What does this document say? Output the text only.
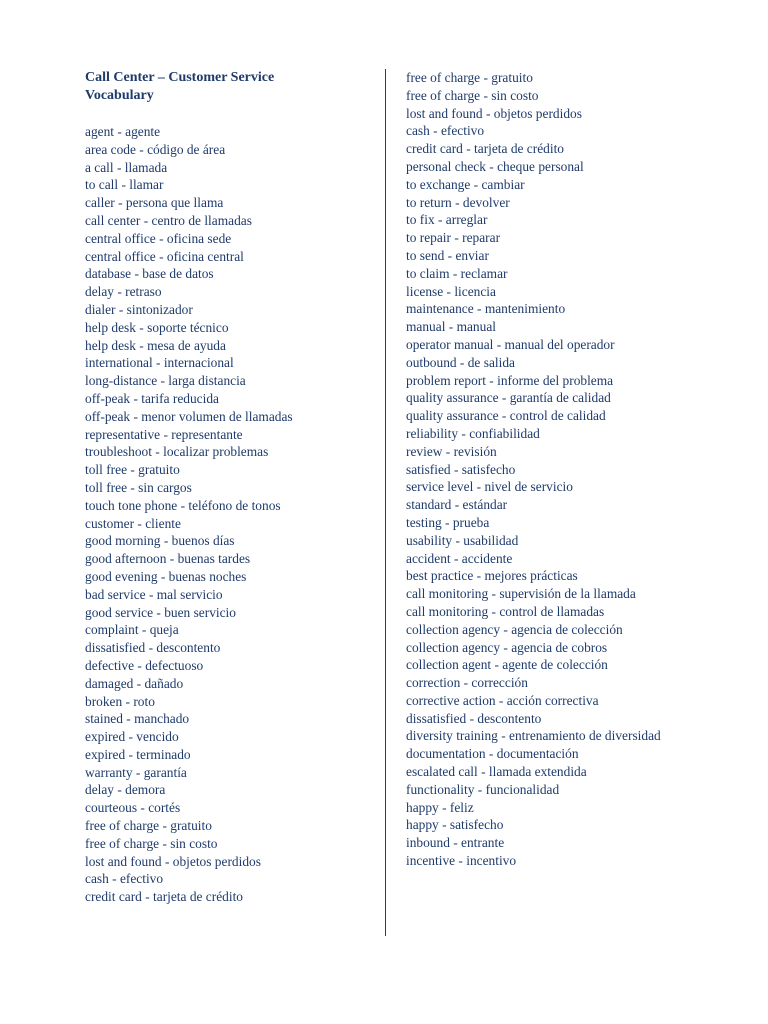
Call Center – Customer Service
Vocabulary
agent - agente
area code - código de área
a call - llamada
to call - llamar
caller - persona que llama
call center - centro de llamadas
central office - oficina sede
central office - oficina central
database - base de datos
delay - retraso
dialer - sintonizador
help desk - soporte técnico
help desk - mesa de ayuda
international - internacional
long-distance - larga distancia
off-peak - tarifa reducida
off-peak - menor volumen de llamadas
representative - representante
troubleshoot - localizar problemas
toll free - gratuito
toll free - sin cargos
touch tone phone - teléfono de tonos
customer - cliente
good morning - buenos días
good afternoon - buenas tardes
good evening - buenas noches
bad service - mal servicio
good service - buen servicio
complaint - queja
dissatisfied - descontento
defective - defectuoso
damaged - dañado
broken - roto
stained - manchado
expired - vencido
expired - terminado
warranty - garantía
delay - demora
courteous - cortés
free of charge - gratuito
free of charge - sin costo
lost and found - objetos perdidos
cash - efectivo
credit card - tarjeta de crédito
free of charge - gratuito
free of charge - sin costo
lost and found - objetos perdidos
cash - efectivo
credit card - tarjeta de crédito
personal check - cheque personal
to exchange - cambiar
to return - devolver
to fix - arreglar
to repair - reparar
to send - enviar
to claim - reclamar
license - licencia
maintenance - mantenimiento
manual - manual
operator manual - manual del operador
outbound - de salida
problem report - informe del problema
quality assurance - garantía de calidad
quality assurance - control de calidad
reliability - confiabilidad
review - revisión
satisfied - satisfecho
service level - nivel de servicio
standard - estándar
testing - prueba
usability - usabilidad
accident - accidente
best practice - mejores prácticas
call monitoring - supervisión de la llamada
call monitoring - control de llamadas
collection agency - agencia de colección
collection agency - agencia de cobros
collection agent - agente de colección
correction - corrección
corrective action - acción correctiva
dissatisfied - descontento
diversity training - entrenamiento de diversidad
documentation - documentación
escalated call - llamada extendida
functionality - funcionalidad
happy - feliz
happy - satisfecho
inbound - entrante
incentive - incentivo
